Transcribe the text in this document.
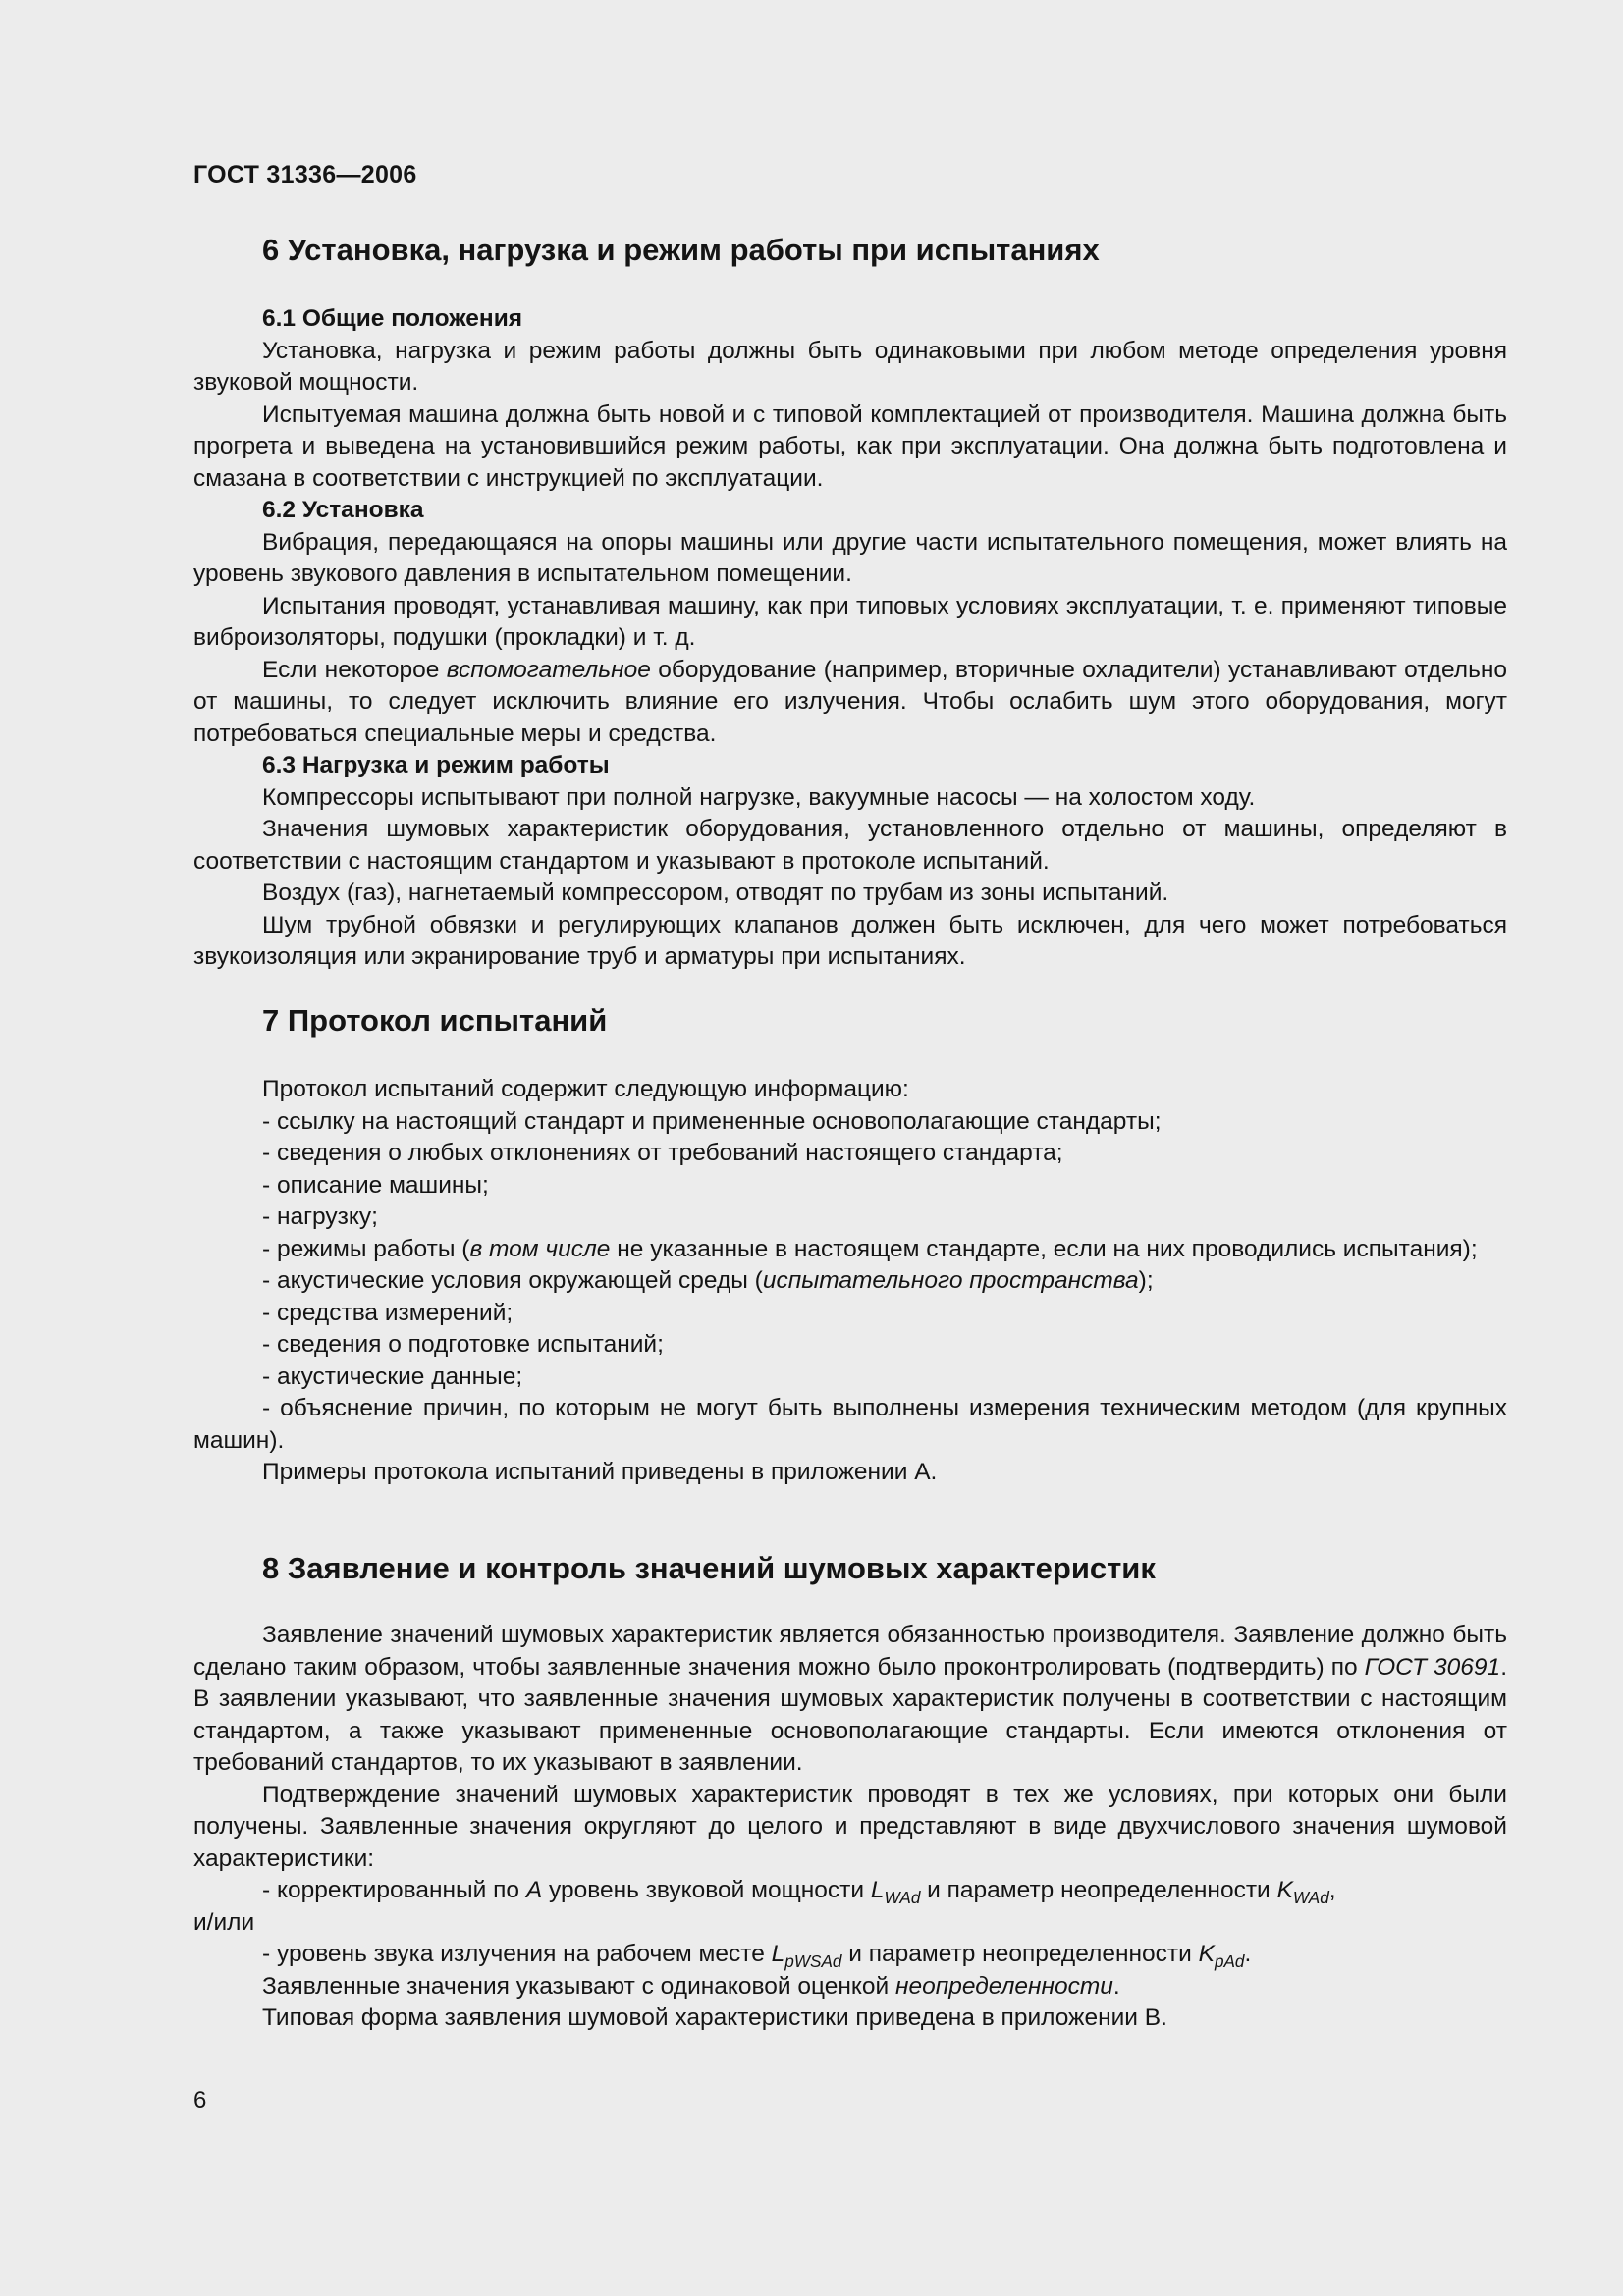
ГОСТ 31336—2006
6 Установка, нагрузка и режим работы при испытаниях
6.1 Общие положения

Установка, нагрузка и режим работы должны быть одинаковыми при любом методе определения уровня звуковой мощности.

Испытуемая машина должна быть новой и с типовой комплектацией от производителя. Машина должна быть прогрета и выведена на установившийся режим работы, как при эксплуатации. Она должна быть подготовлена и смазана в соответствии с инструкцией по эксплуатации.

6.2 Установка

Вибрация, передающаяся на опоры машины или другие части испытательного помещения, может влиять на уровень звукового давления в испытательном помещении.

Испытания проводят, устанавливая машину, как при типовых условиях эксплуатации, т. е. применяют типовые виброизоляторы, подушки (прокладки) и т. д.

Если некоторое вспомогательное оборудование (например, вторичные охладители) устанавливают отдельно от машины, то следует исключить влияние его излучения. Чтобы ослабить шум этого оборудования, могут потребоваться специальные меры и средства.

6.3 Нагрузка и режим работы

Компрессоры испытывают при полной нагрузке, вакуумные насосы — на холостом ходу.

Значения шумовых характеристик оборудования, установленного отдельно от машины, определяют в соответствии с настоящим стандартом и указывают в протоколе испытаний.

Воздух (газ), нагнетаемый компрессором, отводят по трубам из зоны испытаний.

Шум трубной обвязки и регулирующих клапанов должен быть исключен, для чего может потребоваться звукоизоляция или экранирование труб и арматуры при испытаниях.

7 Протокол испытаний

Протокол испытаний содержит следующую информацию:

- ссылку на настоящий стандарт и примененные основополагающие стандарты;

- сведения о любых отклонениях от требований настоящего стандарта;

- описание машины;

- нагрузку;

- режимы работы (в том числе не указанные в настоящем стандарте, если на них проводились испытания);

- акустические условия окружающей среды (испытательного пространства);

- средства измерений;

- сведения о подготовке испытаний;

- акустические данные;

- объяснение причин, по которым не могут быть выполнены измерения техническим методом (для крупных машин).

Примеры протокола испытаний приведены в приложении А.

8 Заявление и контроль значений шумовых характеристик

Заявление значений шумовых характеристик является обязанностью производителя. Заявление должно быть сделано таким образом, чтобы заявленные значения можно было проконтролировать (подтвердить) по ГОСТ 30691. В заявлении указывают, что заявленные значения шумовых характеристик получены в соответствии с настоящим стандартом, а также указывают примененные основополагающие стандарты. Если имеются отклонения от требований стандартов, то их указывают в заявлении.

Подтверждение значений шумовых характеристик проводят в тех же условиях, при которых они были получены. Заявленные значения округляют до целого и представляют в виде двухчислового значения шумовой характеристики:

- корректированный по А уровень звуковой мощности $L_{WAd}$ и параметр неопределенности $K_{WAd}$,

и/или

- уровень звука излучения на рабочем месте $L_{pWSAd}$ и параметр неопределенности $K_{pAd}$.

Заявленные значения указывают с одинаковой оценкой неопределенности.

Типовая форма заявления шумовой характеристики приведена в приложении В.

6
